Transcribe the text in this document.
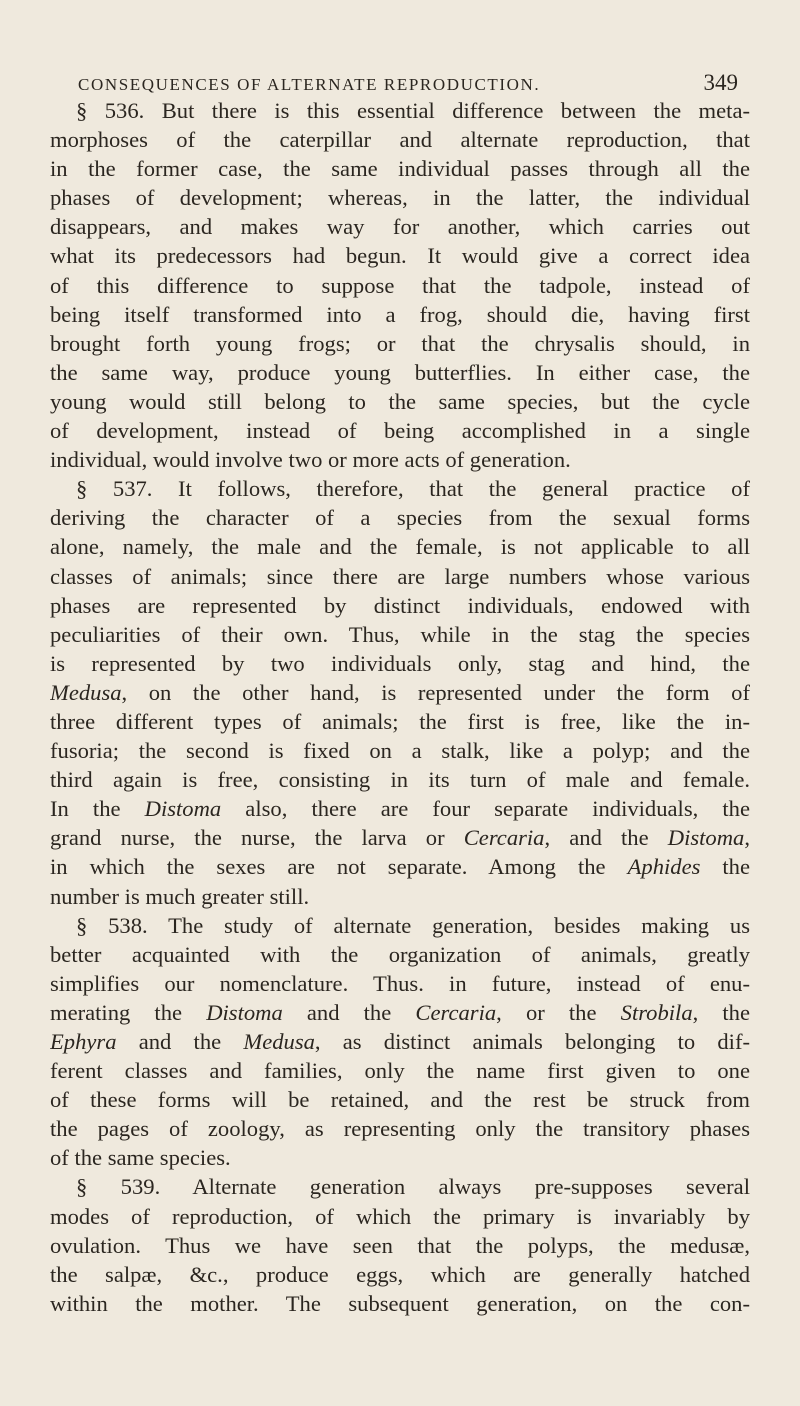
CONSEQUENCES OF ALTERNATE REPRODUCTION.	349
§ 536. But there is this essential difference between the meta-
morphoses of the caterpillar and alternate reproduction, that
in the former case, the same individual passes through all the
phases of development; whereas, in the latter, the individual
disappears, and makes way for another, which carries out
what its predecessors had begun. It would give a correct idea
of this difference to suppose that the tadpole, instead of
being itself transformed into a frog, should die, having first
brought forth young frogs; or that the chrysalis should, in
the same way, produce young butterflies. In either case, the
young would still belong to the same species, but the cycle
of development, instead of being accomplished in a single
individual, would involve two or more acts of generation.
§ 537. It follows, therefore, that the general practice of
deriving the character of a species from the sexual forms
alone, namely, the male and the female, is not applicable to all
classes of animals; since there are large numbers whose various
phases are represented by distinct individuals, endowed with
peculiarities of their own. Thus, while in the stag the species
is represented by two individuals only, stag and hind, the
Medusa, on the other hand, is represented under the form of
three different types of animals; the first is free, like the in-
fusoria; the second is fixed on a stalk, like a polyp; and the
third again is free, consisting in its turn of male and female.
In the Distoma also, there are four separate individuals, the
grand nurse, the nurse, the larva or Cercaria, and the Distoma,
in which the sexes are not separate. Among the Aphides the
number is much greater still.
§ 538. The study of alternate generation, besides making us
better acquainted with the organization of animals, greatly
simplifies our nomenclature. Thus. in future, instead of enu-
merating the Distoma and the Cercaria, or the Strobila, the
Ephyra and the Medusa, as distinct animals belonging to dif-
ferent classes and families, only the name first given to one
of these forms will be retained, and the rest be struck from
the pages of zoology, as representing only the transitory phases
of the same species.
§ 539. Alternate generation always pre-supposes several
modes of reproduction, of which the primary is invariably by
ovulation. Thus we have seen that the polyps, the medusæ,
the salpæ, &c., produce eggs, which are generally hatched
within the mother. The subsequent generation, on the con-
